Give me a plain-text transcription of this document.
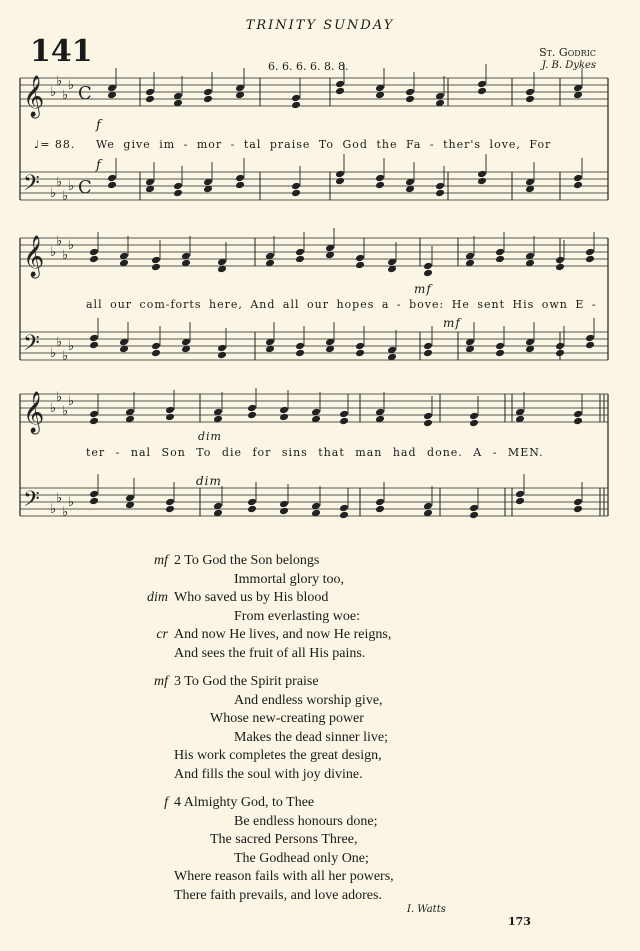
TRINITY SUNDAY
141	6. 6. 6. 6. 8. 8.
St. Godric
J. B. Dykes
𝄞 ♭
♭
♭
♭ C
𝄢 ♭
♭
♭
♭ C
𝄞 ♭
♭
♭
♭
𝄢 ♭
♭
♭
♭
𝄞 ♭
♭
♭
♭
𝄢 ♭
♭
♭
♭
♩= 88. We give im - mor - tal praise To God the Fa - ther's love, For
all our com-forts here, And all our hopes a - bove: He sent His own E -
ter - nal Son To die for sins that man had done. A - MEN.
f
f
mf
mf
dim
dim
mf 2 To God the Son belongs
Immortal glory too,
dim Who saved us by His blood
From everlasting woe:
cr And now He lives, and now He reigns,
And sees the fruit of all His pains.
mf 3 To God the Spirit praise
And endless worship give,
Whose new-creating power
Makes the dead sinner live;
His work completes the great design,
And fills the soul with joy divine.
f 4 Almighty God, to Thee
Be endless honours done;
The sacred Persons Three,
The Godhead only One;
Where reason fails with all her powers,
There faith prevails, and love adores.
I. Watts
173
